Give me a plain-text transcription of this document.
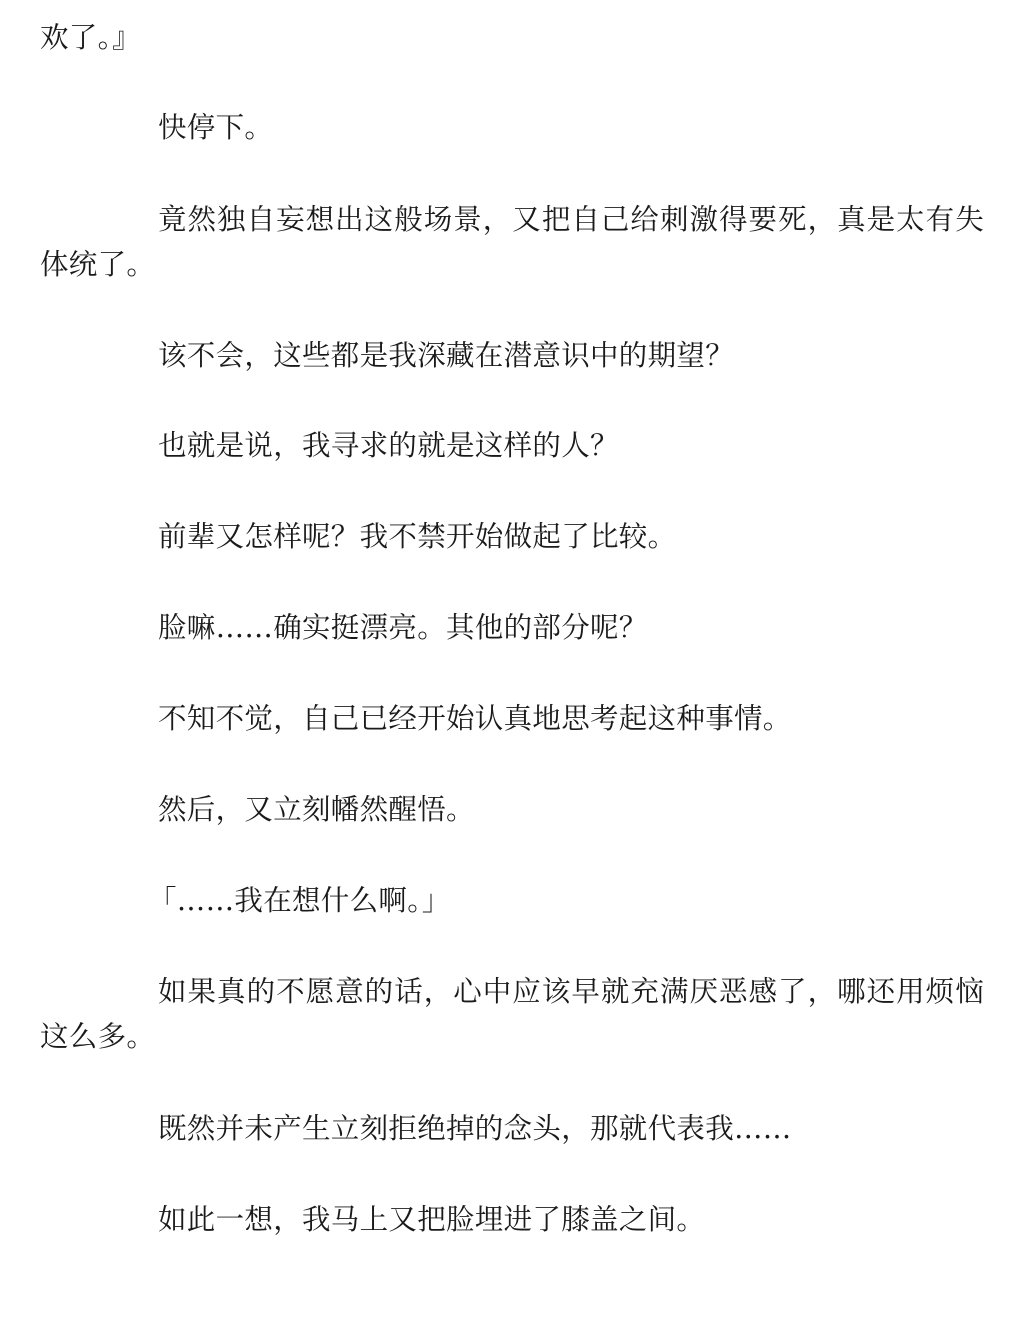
欢了。』
快停下。
竟然独自妄想出这般场景，又把自己给刺激得要死，真是太有失体统了。
该不会，这些都是我深藏在潜意识中的期望？
也就是说，我寻求的就是这样的人？
前辈又怎样呢？我不禁开始做起了比较。
脸嘛……确实挺漂亮。其他的部分呢？
不知不觉，自己已经开始认真地思考起这种事情。
然后，又立刻幡然醒悟。
「……我在想什么啊。」
如果真的不愿意的话，心中应该早就充满厌恶感了，哪还用烦恼这么多。
既然并未产生立刻拒绝掉的念头，那就代表我……
如此一想，我马上又把脸埋进了膝盖之间。
